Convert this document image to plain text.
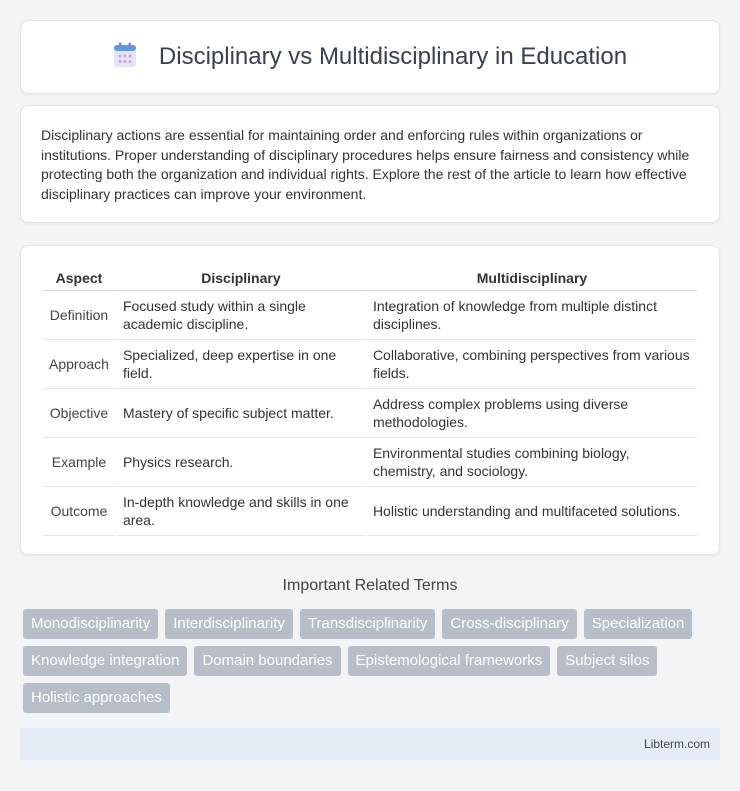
Disciplinary vs Multidisciplinary in Education

Disciplinary actions are essential for maintaining order and enforcing rules within organizations or institutions. Proper understanding of disciplinary procedures helps ensure fairness and consistency while protecting both the organization and individual rights. Explore the rest of the article to learn how effective disciplinary practices can improve your environment.

Aspect	Disciplinary	Multidisciplinary
Definition	Focused study within a single academic discipline.	Integration of knowledge from multiple distinct disciplines.
Approach	Specialized, deep expertise in one field.	Collaborative, combining perspectives from various fields.
Objective	Mastery of specific subject matter.	Address complex problems using diverse methodologies.
Example	Physics research.	Environmental studies combining biology, chemistry, and sociology.
Outcome	In-depth knowledge and skills in one area.	Holistic understanding and multifaceted solutions.
Important Related Terms
Monodisciplinarity	Interdisciplinarity	Transdisciplinarity	Cross-disciplinary	Specialization
Knowledge integration	Domain boundaries	Epistemological frameworks	Subject silos
Holistic approaches
Libterm.com
